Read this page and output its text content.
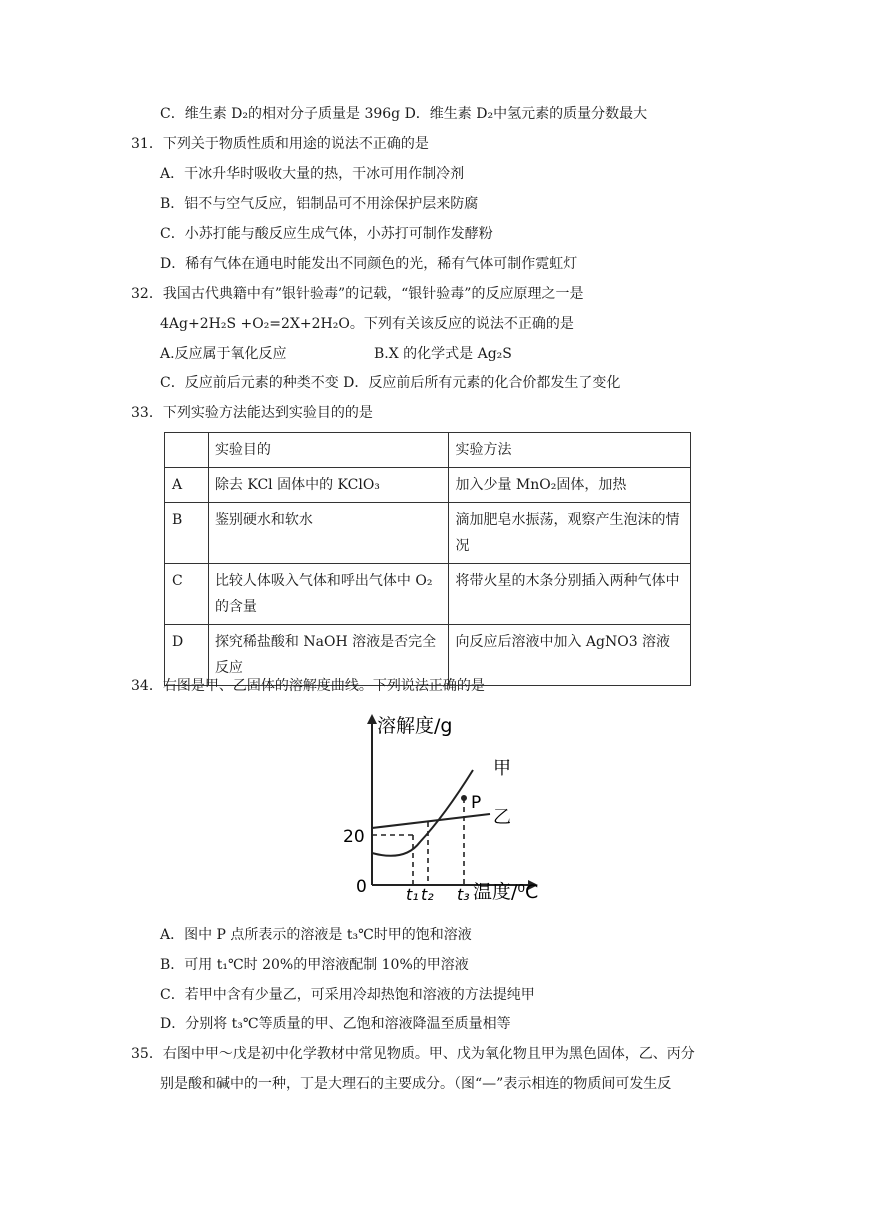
C．维生素 D₂的相对分子质量是 396g D．维生素 D₂中氢元素的质量分数最大
31．下列关于物质性质和用途的说法不正确的是
A．干冰升华时吸收大量的热，干冰可用作制冷剂
B．铝不与空气反应，铝制品可不用涂保护层来防腐
C．小苏打能与酸反应生成气体，小苏打可制作发酵粉
D．稀有气体在通电时能发出不同颜色的光，稀有气体可制作霓虹灯
32．我国古代典籍中有”银针验毒”的记载，“银针验毒”的反应原理之一是
4Ag+2H₂S +O₂=2X+2H₂O。下列有关该反应的说法不正确的是
A.反应属于氧化反应	B.X 的化学式是 Ag₂S
C．反应前后元素的种类不变 D．反应前后所有元素的化合价都发生了变化
33．下列实验方法能达到实验目的的是
	实验目的	实验方法
A	除去 KCl 固体中的 KClO₃	加入少量 MnO₂固体，加热
B	鉴别硬水和软水	滴加肥皂水振荡，观察产生泡沫的情况
C	比较人体吸入气体和呼出气体中 O₂的含量	将带火星的木条分别插入两种气体中
D	探究稀盐酸和 NaOH 溶液是否完全反应	向反应后溶液中加入 AgNO3 溶液
34．右图是甲、乙固体的溶解度曲线。下列说法正确的是
溶解度/g
温度/⁰C
0
20
t₁ t₂ t₃
甲
乙
P
A．图中 P 点所表示的溶液是 t₃℃时甲的饱和溶液
B．可用 t₁℃时 20%的甲溶液配制 10%的甲溶液
C．若甲中含有少量乙，可采用冷却热饱和溶液的方法提纯甲
D．分别将 t₃℃等质量的甲、乙饱和溶液降温至质量相等
35．右图中甲～戊是初中化学教材中常见物质。甲、戊为氧化物且甲为黑色固体，乙、丙分
别是酸和碱中的一种，丁是大理石的主要成分。（图“—”表示相连的物质间可发生反
